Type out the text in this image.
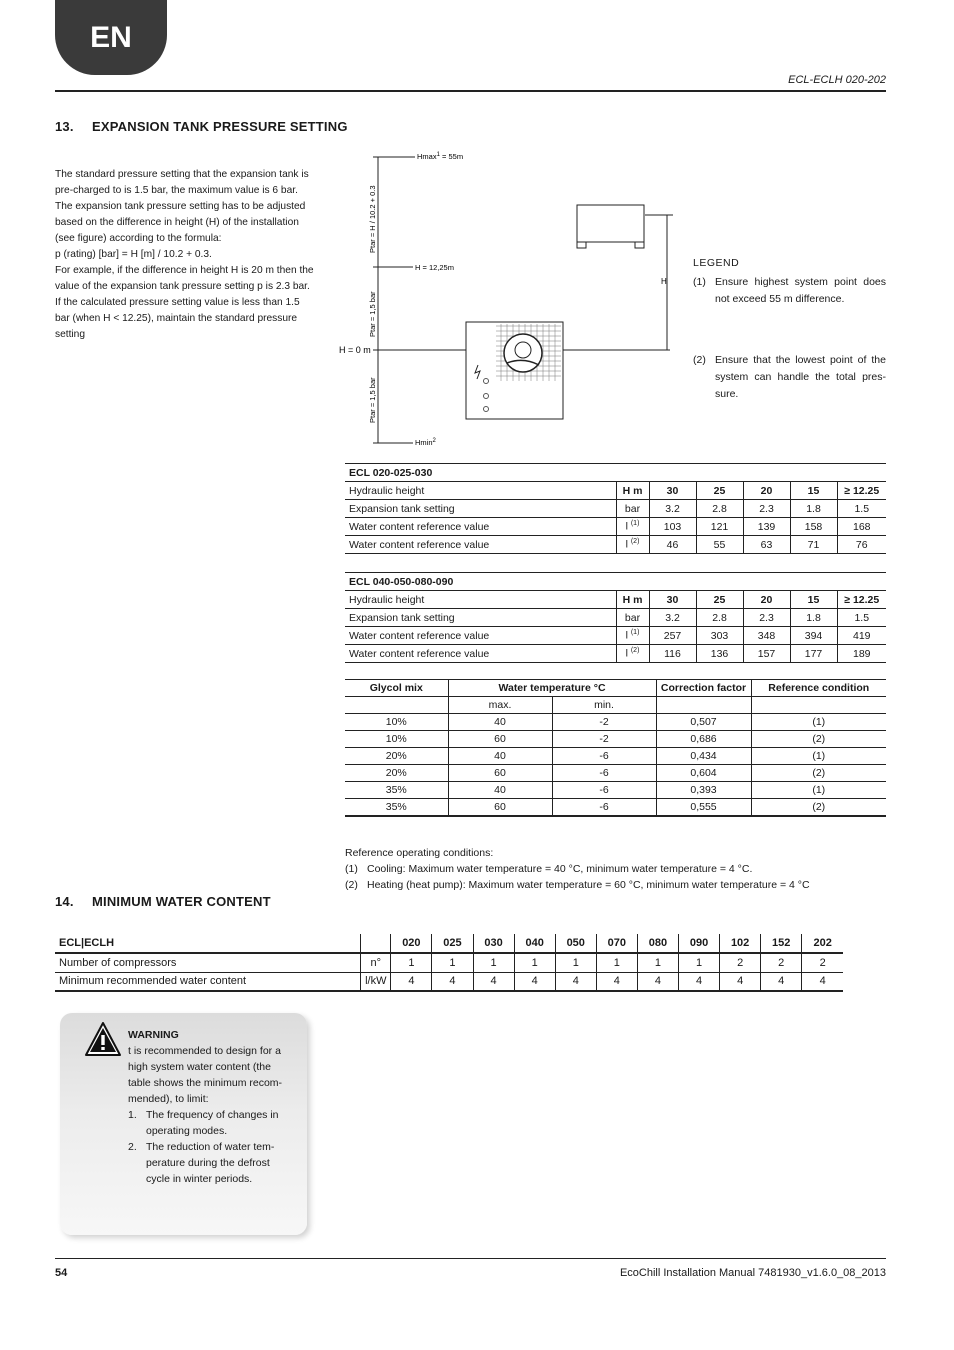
EN
ECL-ECLH 020-202
13. EXPANSION TANK PRESSURE SETTING

The standard pressure setting that the expansion tank is pre-charged to is 1.5 bar, the maximum value is 6 bar.

The expansion tank pressure setting has to be adjusted based on the difference in height (H) of the installation (see figure) according to the formula:

p (rating) [bar] = H [m] / 10.2 + 0.3.

For example, if the difference in height H is 20 m then the value of the expansion tank pressure setting p is 2.3 bar.

If the calculated pressure setting value is less than 1.5 bar (when H < 12.25), maintain the standard pressure setting

Hmax$^1$ = 55m
H = 12,25m
H = 0 m
Hmin$^2$
Ptar = H / 10.2 + 0.3
Ptar = 1,5 bar
Ptar = 1,5 bar
H
LEGEND
(1) Ensure highest system point does not exceed 55 m difference.
(2) Ensure that the lowest point of the system can handle the total pres-sure.
ECL 020-025-030						
Hydraulic height	H m	30	25	20	15	≥ 12.25
Expansion tank setting	bar	3.2	2.8	2.3	1.8	1.5
Water content reference value	l $^{(1)}$	103	121	139	158	168
Water content reference value	l $^{(2)}$	46	55	63	71	76
ECL 040-050-080-090						
Hydraulic height	H m	30	25	20	15	≥ 12.25
Expansion tank setting	bar	3.2	2.8	2.3	1.8	1.5
Water content reference value	l $^{(1)}$	257	303	348	394	419
Water content reference value	l $^{(2)}$	116	136	157	177	189
Glycol mix	Water temperature °C		Correction factor	Reference condition
	max.	min.		
10%	40	-2	0,507	(1)
10%	60	-2	0,686	(2)
20%	40	-6	0,434	(1)
20%	60	-6	0,604	(2)
35%	40	-6	0,393	(1)
35%	60	-6	0,555	(2)
Reference operating conditions:
(1) Cooling: Maximum water temperature = 40 °C, minimum water temperature = 4 °C.
(2) Heating (heat pump): Maximum water temperature = 60 °C, minimum water temperature = 4 °C
14. MINIMUM WATER CONTENT
ECL|ECLH		020	025	030	040	050	070	080	090	102	152	202
Number of compressors	n°	1	1	1	1	1	1	1	1	2	2	2
Minimum recommended water content	l/kW	4	4	4	4	4	4	4	4	4	4	4
WARNING
t is recommended to design for a high system water content (the table shows the minimum recom-mended), to limit:
1. The frequency of changes in operating modes.
2. The reduction of water tem-perature during the defrost cycle in winter periods.
54	EcoChill Installation Manual 7481930_v1.6.0_08_2013
